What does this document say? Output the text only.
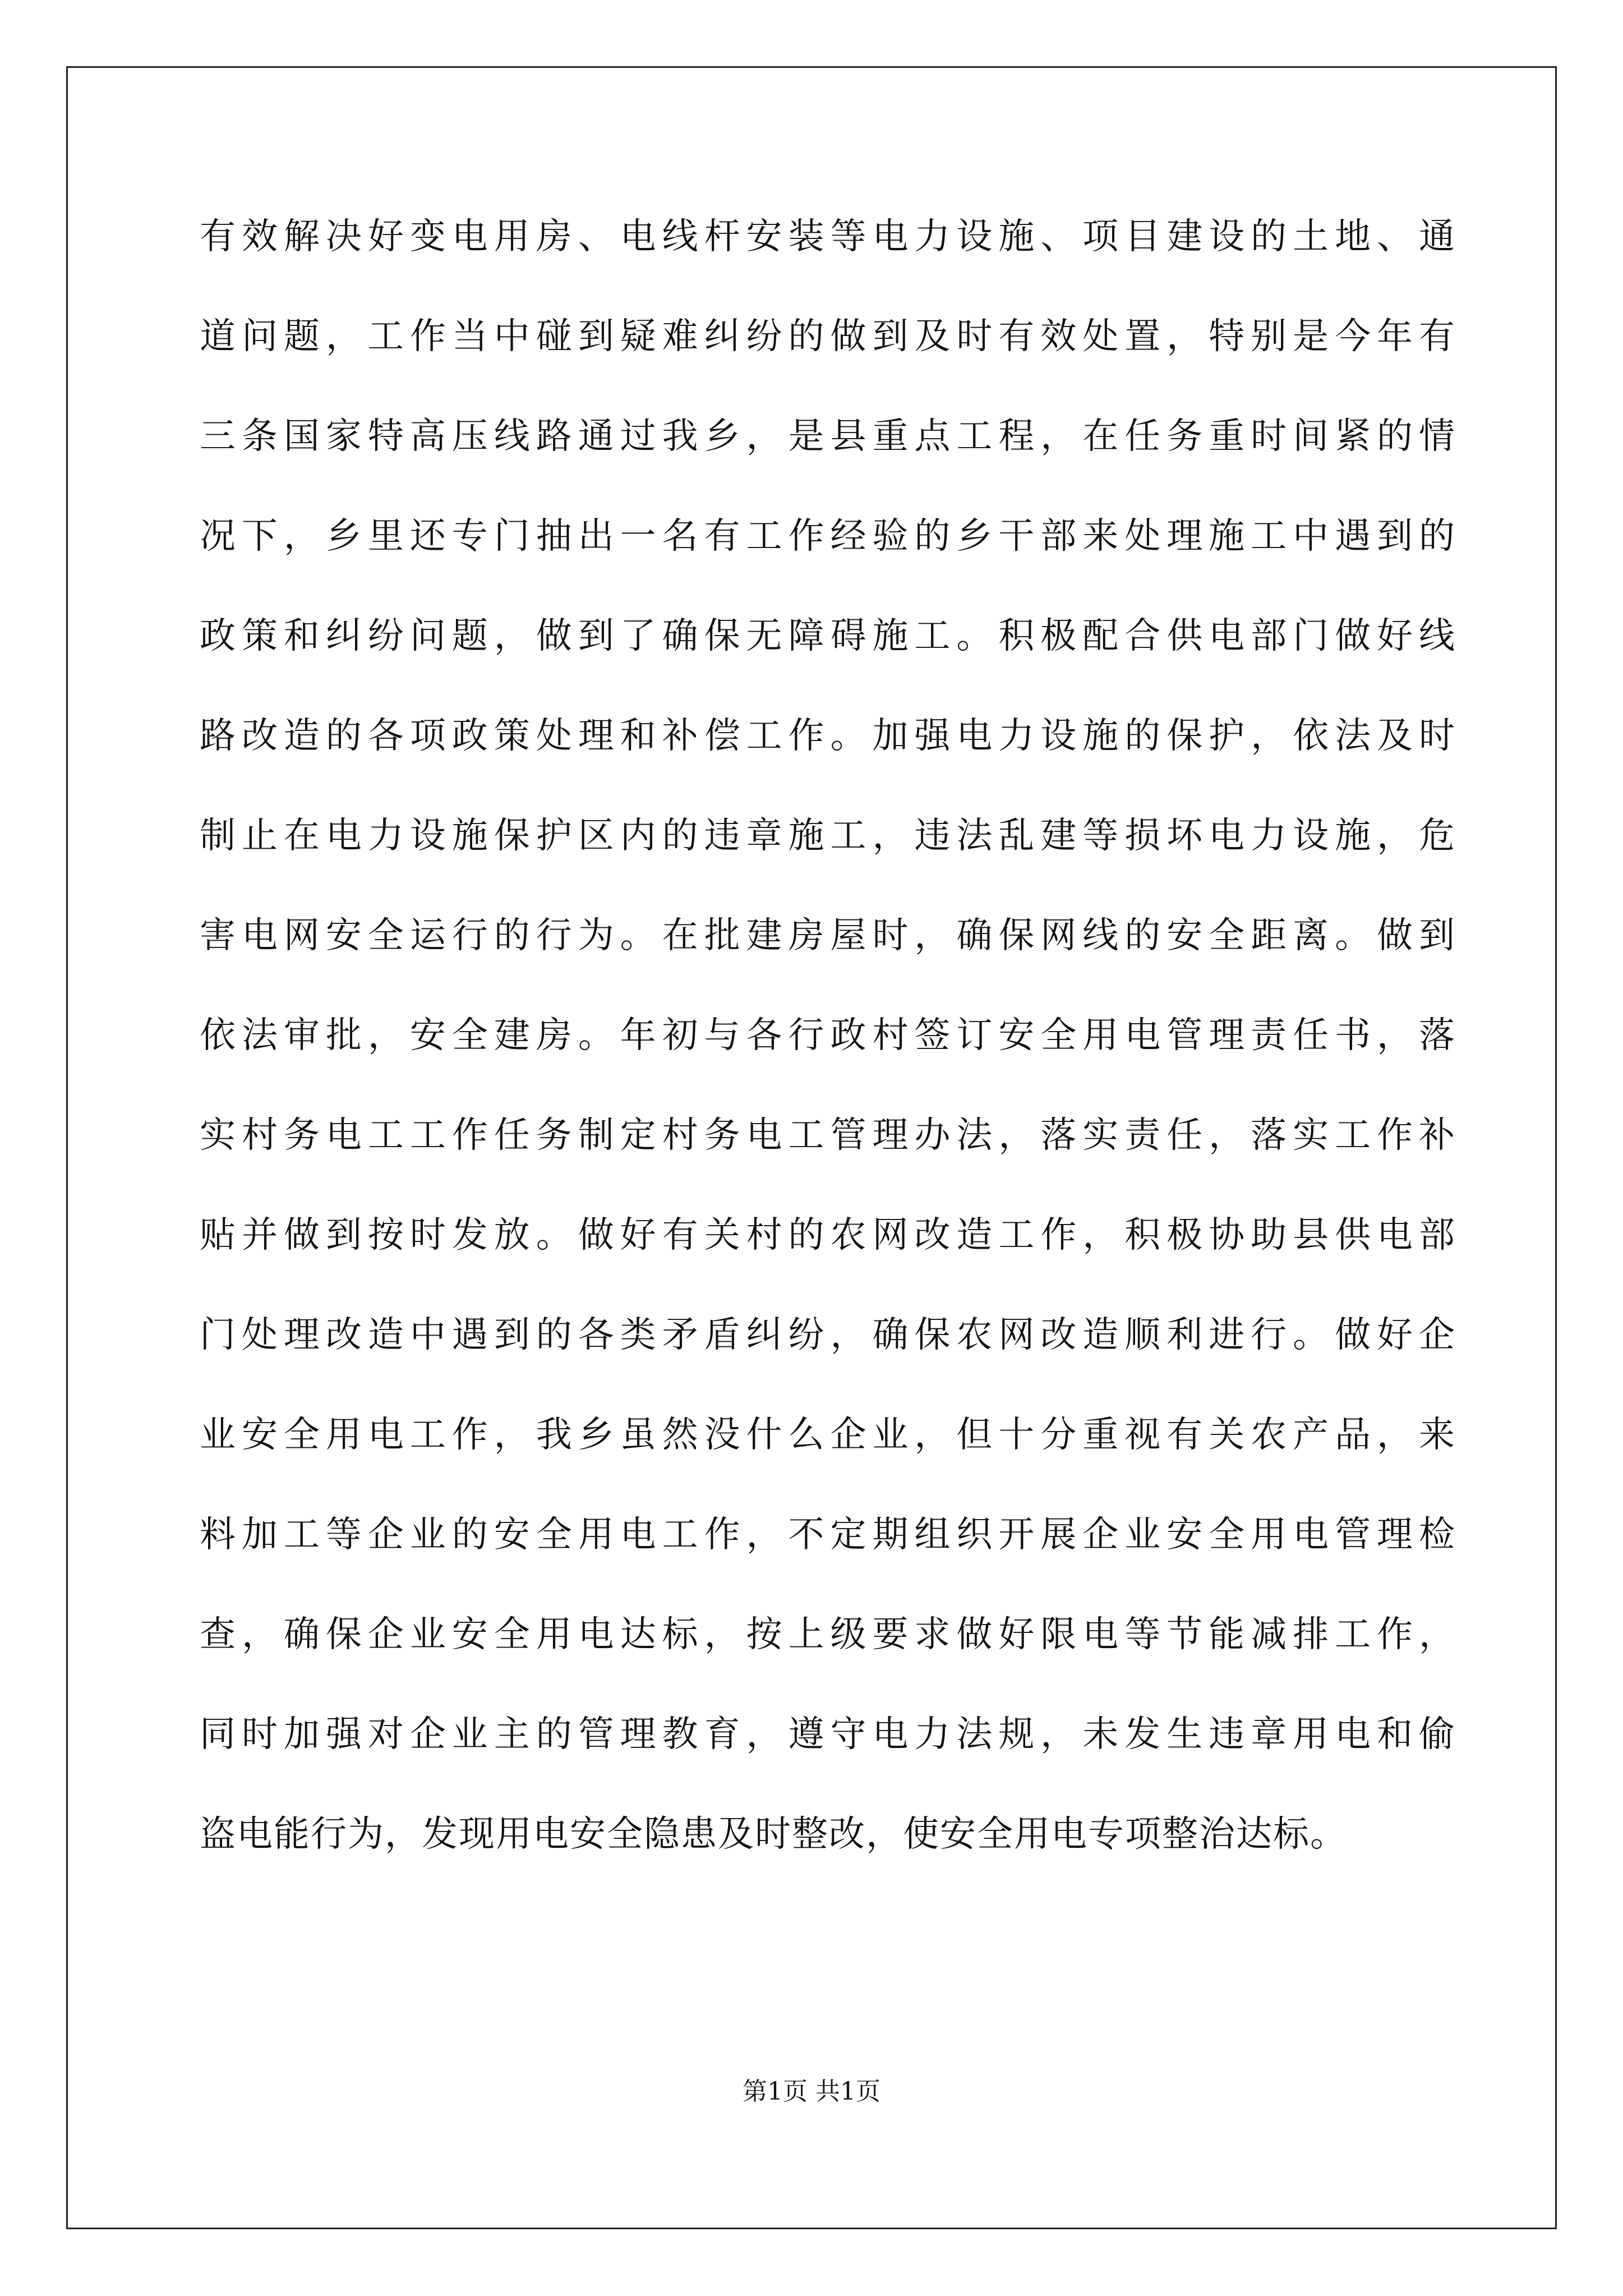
有效解决好变电用房、电线杆安装等电力设施、项目建设的土地、通
道问题，工作当中碰到疑难纠纷的做到及时有效处置，特别是今年有
三条国家特高压线路通过我乡，是县重点工程，在任务重时间紧的情
况下，乡里还专门抽出一名有工作经验的乡干部来处理施工中遇到的
政策和纠纷问题，做到了确保无障碍施工。积极配合供电部门做好线
路改造的各项政策处理和补偿工作。加强电力设施的保护，依法及时
制止在电力设施保护区内的违章施工，违法乱建等损坏电力设施，危
害电网安全运行的行为。在批建房屋时，确保网线的安全距离。做到
依法审批，安全建房。年初与各行政村签订安全用电管理责任书，落
实村务电工工作任务制定村务电工管理办法，落实责任，落实工作补
贴并做到按时发放。做好有关村的农网改造工作，积极协助县供电部
门处理改造中遇到的各类矛盾纠纷，确保农网改造顺利进行。做好企
业安全用电工作，我乡虽然没什么企业，但十分重视有关农产品，来
料加工等企业的安全用电工作，不定期组织开展企业安全用电管理检
查，确保企业安全用电达标，按上级要求做好限电等节能减排工作，
同时加强对企业主的管理教育，遵守电力法规，未发生违章用电和偷
盗电能行为，发现用电安全隐患及时整改，使安全用电专项整治达标。
第1页 共1页
